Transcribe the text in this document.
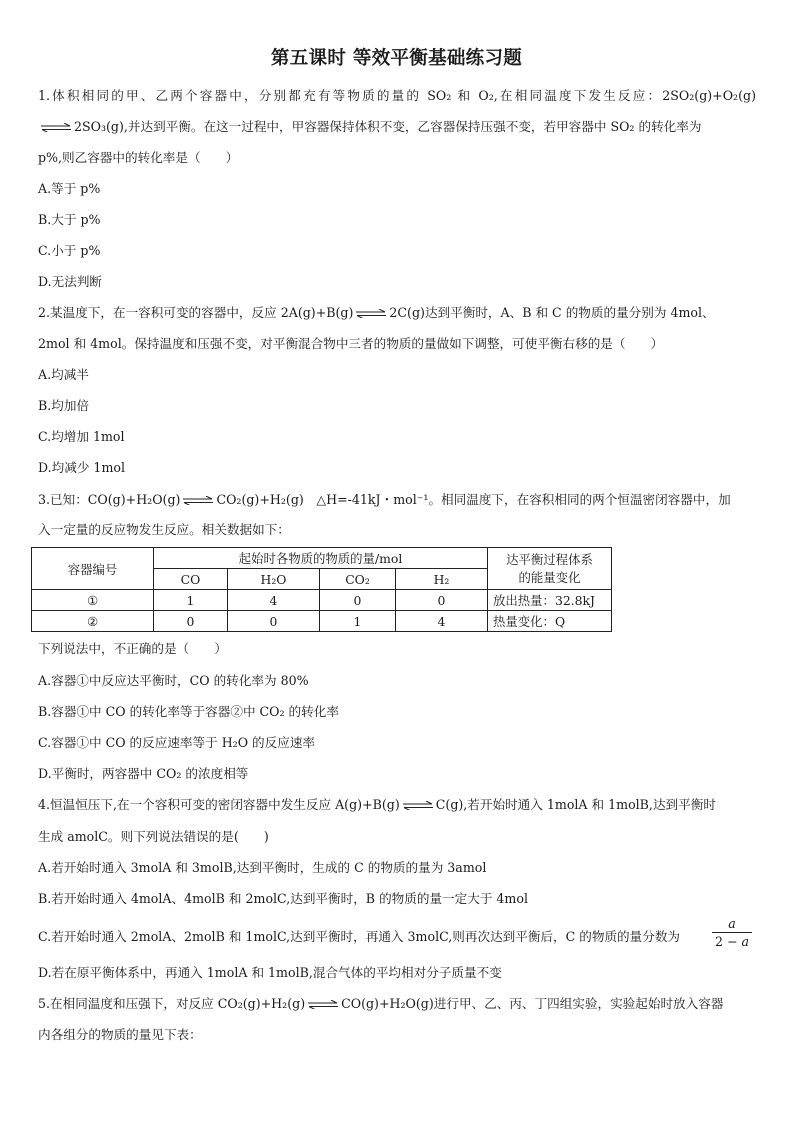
第五课时 等效平衡基础练习题
1.体积相同的甲、乙两个容器中，分别都充有等物质的量的 SO₂ 和 O₂,在相同温度下发生反应：2SO₂(g)+O₂(g)
⇌ 2SO₃(g),并达到平衡。在这一过程中，甲容器保持体积不变，乙容器保持压强不变，若甲容器中 SO₂ 的转化率为
p%,则乙容器中的转化率是（　　）
A.等于 p%
B.大于 p%
C.小于 p%
D.无法判断
2.某温度下，在一容积可变的容器中，反应 2A(g)+B(g) ⇌ 2C(g)达到平衡时，A、B 和 C 的物质的量分别为 4mol、
2mol 和 4mol。保持温度和压强不变，对平衡混合物中三者的物质的量做如下调整，可使平衡右移的是（　　）
A.均减半
B.均加倍
C.均增加 1mol
D.均减少 1mol
3.已知：CO(g)+H₂O(g) ⇌ CO₂(g)+H₂(g)　△H=-41kJ・mol⁻¹。相同温度下，在容积相同的两个恒温密闭容器中，加
入一定量的反应物发生反应。相关数据如下：
容器编号	起始时各物质的物质的量/mol				达平衡过程体系
的能量变化

	CO	H₂O	CO₂	H₂	
①	1	4	0	0	放出热量：32.8kJ
②	0	0	1	4	热量变化：Q
下列说法中，不正确的是（　　）
A.容器①中反应达平衡时，CO 的转化率为 80%
B.容器①中 CO 的转化率等于容器②中 CO₂ 的转化率
C.容器①中 CO 的反应速率等于 H₂O 的反应速率
D.平衡时，两容器中 CO₂ 的浓度相等
4.恒温恒压下,在一个容积可变的密闭容器中发生反应 A(g)+B(g) ⇌ C(g),若开始时通入 1molA 和 1molB,达到平衡时
生成 amolC。则下列说法错误的是(　　)
A.若开始时通入 3molA 和 3molB,达到平衡时，生成的 C 的物质的量为 3amol
B.若开始时通入 4molA、4molB 和 2molC,达到平衡时，B 的物质的量一定大于 4mol
C.若开始时通入 2molA、2molB 和 1molC,达到平衡时，再通入 3molC,则再次达到平衡后，C 的物质的量分数为
a
2 − a
D.若在原平衡体系中，再通入 1molA 和 1molB,混合气体的平均相对分子质量不变
5.在相同温度和压强下，对反应 CO₂(g)+H₂(g) ⇌ CO(g)+H₂O(g)进行甲、乙、丙、丁四组实验，实验起始时放入容器
内各组分的物质的量见下表：
